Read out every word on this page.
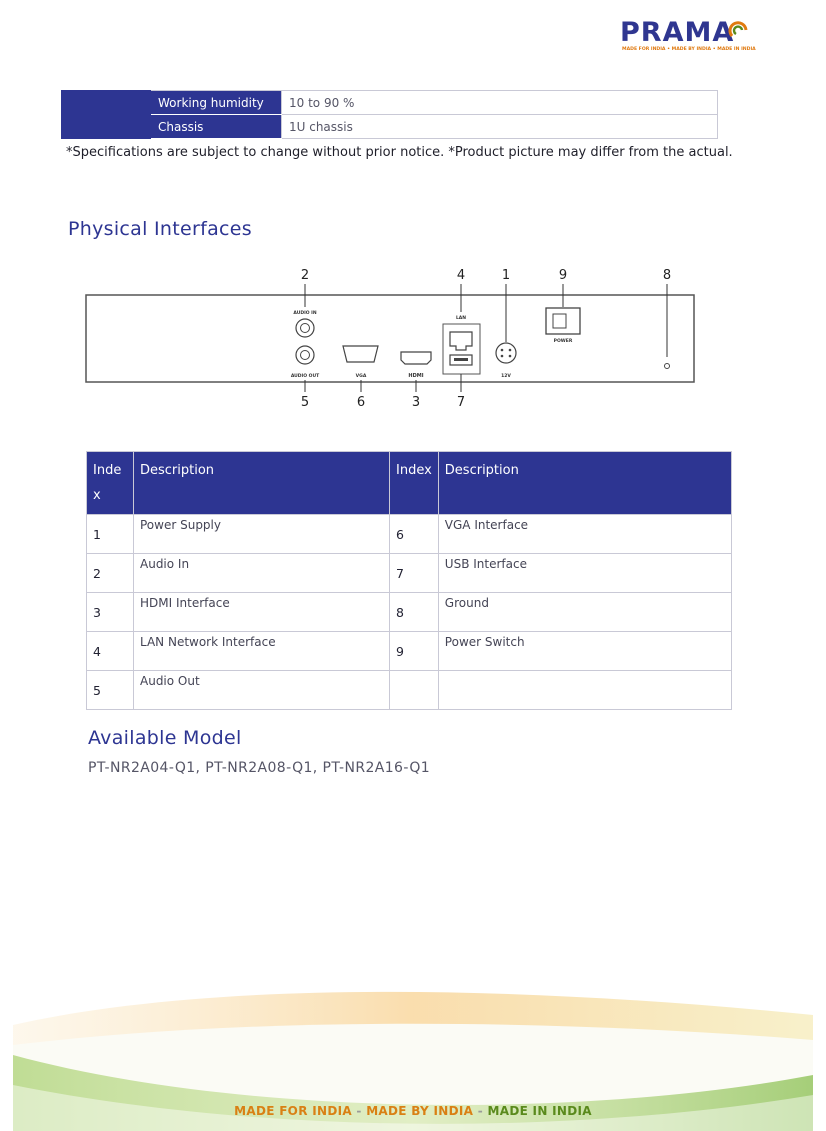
PRAMA
MADE FOR INDIA • MADE BY INDIA • MADE IN INDIA
	Working humidity	10 to 90 %
	Chassis	1U chassis
*Specifications are subject to change without prior notice. *Product picture may differ from the actual.
Physical Interfaces
2	4	1	9	8
AUDIO IN
AUDIO OUT	VGA	HDMI
LAN
12V
POWER
5	6	3	7
Inde
x	Description	Index	Description
1	Power Supply	6	VGA Interface
2	Audio In	7	USB Interface
3	HDMI Interface	8	Ground
4	LAN Network Interface	9	Power Switch
5	Audio Out		
Available Model
PT-NR2A04-Q1, PT-NR2A08-Q1, PT-NR2A16-Q1
MADE FOR INDIA - MADE BY INDIA - MADE IN INDIA
